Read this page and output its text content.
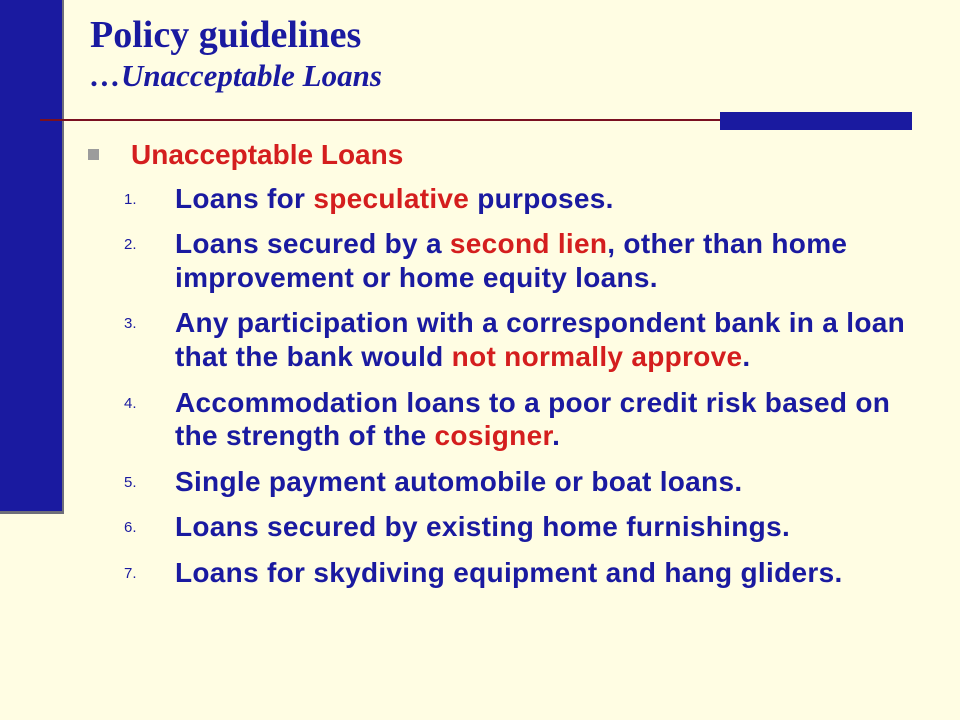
Policy guidelines
…Unacceptable Loans
Unacceptable Loans
1.	Loans for speculative purposes.
2.	Loans secured by a second lien, other than home improvement or home equity loans.
3.	Any participation with a correspondent bank in a loan that the bank would not normally approve.
4.	Accommodation loans to a poor credit risk based on the strength of the cosigner.
5.	Single payment automobile or boat loans.
6.	Loans secured by existing home furnishings.
7.	Loans for skydiving equipment and hang gliders.
